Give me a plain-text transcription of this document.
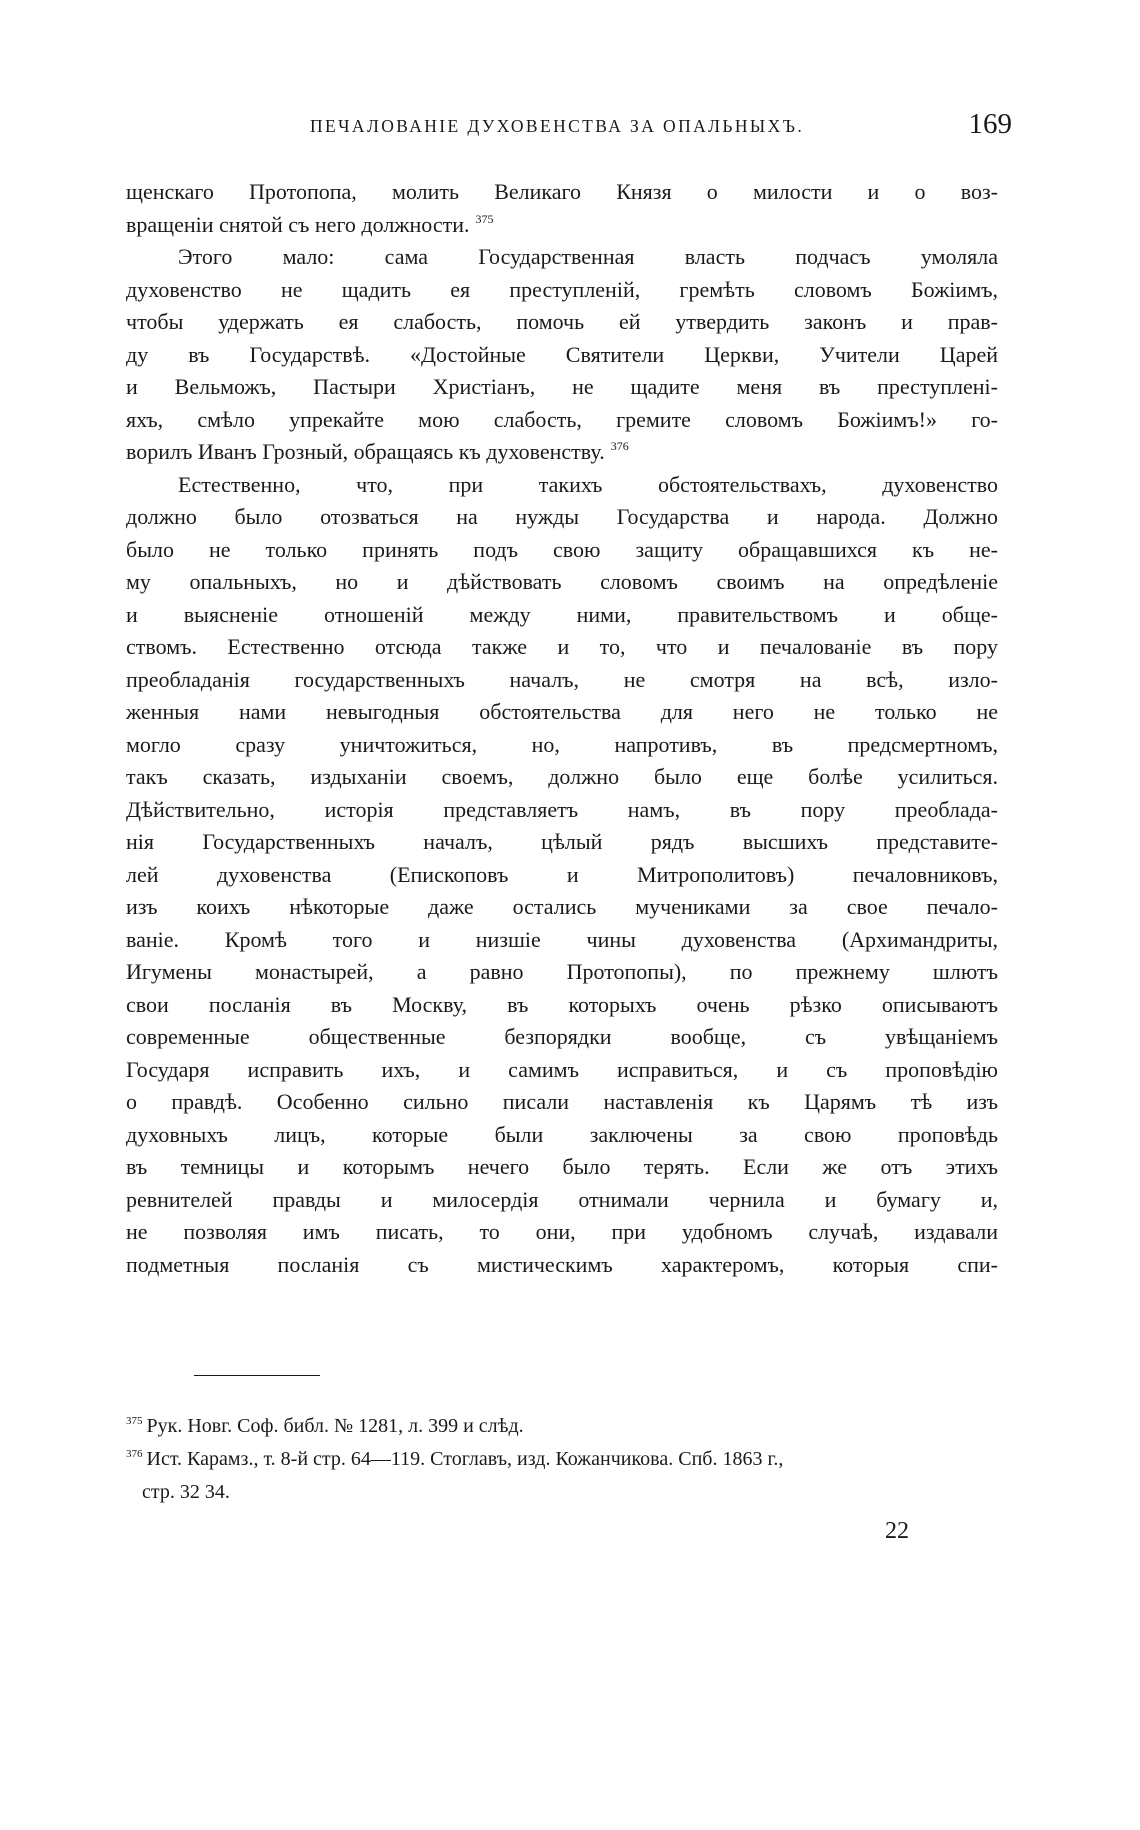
ПЕЧАЛОВАНІЕ ДУХОВЕНСТВА ЗА ОПАЛЬНЫХЪ.	169
щенскаго Протопопа, молить Великаго Князя о милости и о воз-
вращеніи снятой съ него должности. $^{375}$
Этого мало: сама Государственная власть подчасъ умоляла
духовенство не щадить ея преступленій, гремѣть словомъ Божіимъ,
чтобы удержать ея слабость, помочь ей утвердить законъ и прав-
ду въ Государствѣ. «Достойные Святители Церкви, Учители Царей
и Вельможъ, Пастыри Христіанъ, не щадите меня въ преступленi-
яхъ, смѣло упрекайте мою слабость, гремите словомъ Божіимъ!» го-
ворилъ Иванъ Грозный, обращаясь къ духовенству. $^{376}$
Естественно, что, при такихъ обстоятельствахъ, духовенство
должно было отозваться на нужды Государства и народа. Должно
было не только принять подъ свою защиту обращавшихся къ не-
му опальныхъ, но и дѣйствовать словомъ своимъ на опредѣленіе
и выясненіе отношеній между ними, правительствомъ и обще-
ствомъ. Естественно отсюда также и то, что и печалованіе въ пору
преобладанія государственныхъ началъ, не смотря на всѣ, изло-
женныя нами невыгодныя обстоятельства для него не только не
могло сразу уничтожиться, но, напротивъ, въ предсмертномъ,
такъ сказать, издыханіи своемъ, должно было еще болѣе усилиться.
Дѣйствительно, исторія представляетъ намъ, въ пору преоблада-
нія Государственныхъ началъ, цѣлый рядъ высшихъ представите-
лей духовенства (Епископовъ и Митрополитовъ) печаловниковъ,
изъ коихъ нѣкоторые даже остались мучениками за свое печало-
ваніе. Кромѣ того и низшіе чины духовенства (Архимандриты,
Игумены монастырей, а равно Протопопы), по прежнему шлютъ
свои посланія въ Москву, въ которыхъ очень рѣзко описываютъ
современные общественные безпорядки вообще, съ увѣщаніемъ
Государя исправить ихъ, и самимъ исправиться, и съ проповѣдію
о правдѣ. Особенно сильно писали наставленія къ Царямъ тѣ изъ
духовныхъ лицъ, которые были заключены за свою проповѣдь
въ темницы и которымъ нечего было терять. Если же отъ этихъ
ревнителей правды и милосердія отнимали чернила и бумагу и,
не позволяя имъ писать, то они, при удобномъ случаѣ, издавали
подметныя посланія съ мистическимъ характеромъ, которыя спи-
$^{375}$ Рук. Новг. Соф. библ. № 1281, л. 399 и слѣд.
$^{376}$ Ист. Карамз., т. 8-й стр. 64—119. Стоглавъ, изд. Кожанчикова. Спб. 1863 г.,
стр. 32 34.
22
